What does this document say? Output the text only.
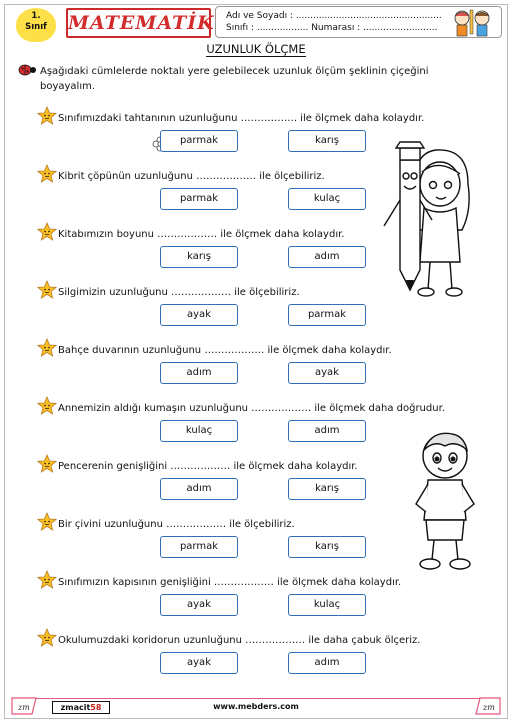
1.
Sınıf	MATEMATİK Adı ve Soyadı : ...................................................
Sınıfı : .................. Numarası : ..........................
UZUNLUK ÖLÇME
Aşağıdaki cümlelerde noktalı yere gelebilecek uzunluk ölçüm şeklinin çiçeğini boyayalım.
zmacit58	www.mebders.com
zm	zm
Sınıfımızdaki tahtanının uzunluğunu …………….. ile ölçmek daha kolaydır.
parmak	karış
Kibrit çöpünün uzunluğunu ……………… ile ölçebiliriz.
parmak	kulaç
Kitabımızın boyunu ……………… ile ölçmek daha kolaydır.
karış	adım
Silgimizin uzunluğunu ……………… ile ölçebiliriz.
ayak	parmak
Bahçe duvarının uzunluğunu ……………… ile ölçmek daha kolaydır.
adım	ayak
Annemizin aldığı kumaşın uzunluğunu ……………… ile ölçmek daha doğrudur.
kulaç	adım
Pencerenin genişliğini ……………… ile ölçmek daha kolaydır.
adım	karış
Bir çivini uzunluğunu ……………… ile ölçebiliriz.
parmak	karış
Sınıfımızın kapısının genişliğini ……………… ile ölçmek daha kolaydır.
ayak	kulaç
Okulumuzdaki koridorun uzunluğunu ……………… ile daha çabuk ölçeriz.
ayak	adım
